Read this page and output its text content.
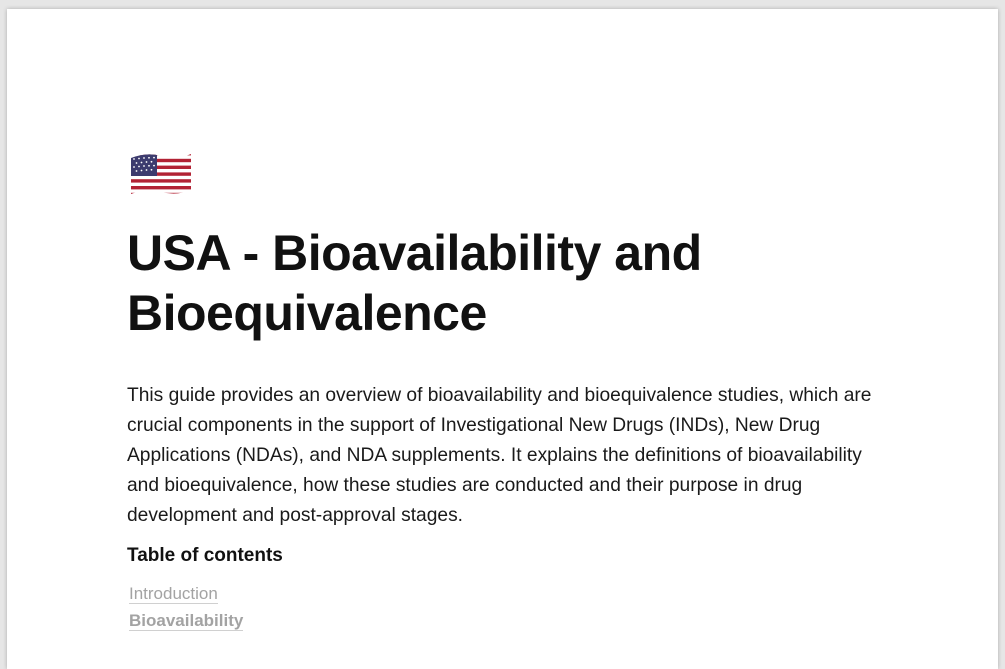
USA - Bioavailability and Bioequivalence

This guide provides an overview of bioavailability and bioequivalence studies, which are crucial components in the support of Investigational New Drugs (INDs), New Drug Applications (NDAs), and NDA supplements. It explains the definitions of bioavailability and bioequivalence, how these studies are conducted and their purpose in drug development and post-approval stages.

Table of contents
Introduction
Bioavailability
